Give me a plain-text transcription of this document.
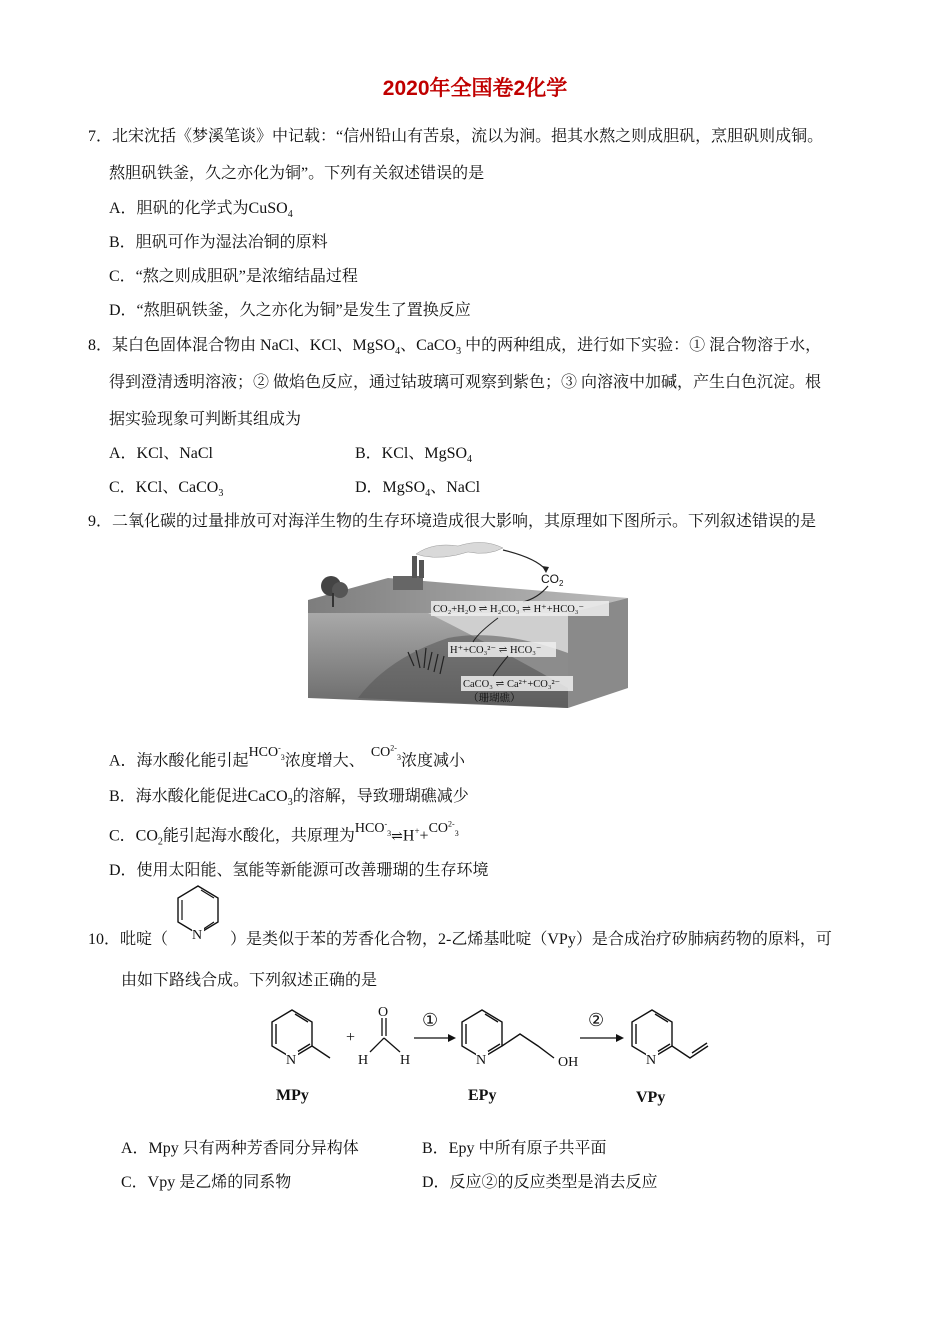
2020年全国卷2化学
7．北宋沈括《梦溪笔谈》中记载：“信州铅山有苦泉，流以为涧。挹其水熬之则成胆矾，烹胆矾则成铜。
熬胆矾铁釜，久之亦化为铜”。下列有关叙述错误的是
A．胆矾的化学式为CuSO$_4$
B．胆矾可作为湿法冶铜的原料
C．“熬之则成胆矾”是浓缩结晶过程
D．“熬胆矾铁釜，久之亦化为铜”是发生了置换反应
8．某白色固体混合物由 NaCl、KCl、MgSO$_4$、CaCO$_3$ 中的两种组成，进行如下实验：① 混合物溶于水，
得到澄清透明溶液；② 做焰色反应，通过钴玻璃可观察到紫色；③ 向溶液中加碱，产生白色沉淀。根
据实验现象可判断其组成为
A．KCl、NaCl	B．KCl、MgSO$_4$
C．KCl、CaCO$_3$	D．MgSO$_4$、NaCl
9．二氧化碳的过量排放可对海洋生物的生存环境造成很大影响，其原理如下图所示。下列叙述错误的是
$CO_2$
CO₂+H₂O ⇌ H₂CO₃ ⇌ H⁺+HCO₃⁻
H⁺+CO₃²⁻ ⇌ HCO₃⁻
CaCO₃ ⇌ Ca²⁺+CO₃²⁻
（珊瑚礁）
A．海水酸化能引起$HCO^-_3$浓度增大、$CO^{2-}_3$浓度减小
B．海水酸化能促进CaCO$_3$的溶解，导致珊瑚礁减少
C．$CO_2$能引起海水酸化，共原理为$HCO^-_3\rightleftharpoons H^++CO^{2-}_3$
D．使用太阳能、氢能等新能源可改善珊瑚的生存环境
10．吡啶（	）是类似于苯的芳香化合物，2-乙烯基吡啶（VPy）是合成治疗矽肺病药物的原料，可
N
由如下路线合成。下列叙述正确的是
N
+
O
H H
①
N	OH
②
N
MPy	EPy	VPy
A．Mpy 只有两种芳香同分异构体	B．Epy 中所有原子共平面
C．Vpy 是乙烯的同系物	D．反应②的反应类型是消去反应
